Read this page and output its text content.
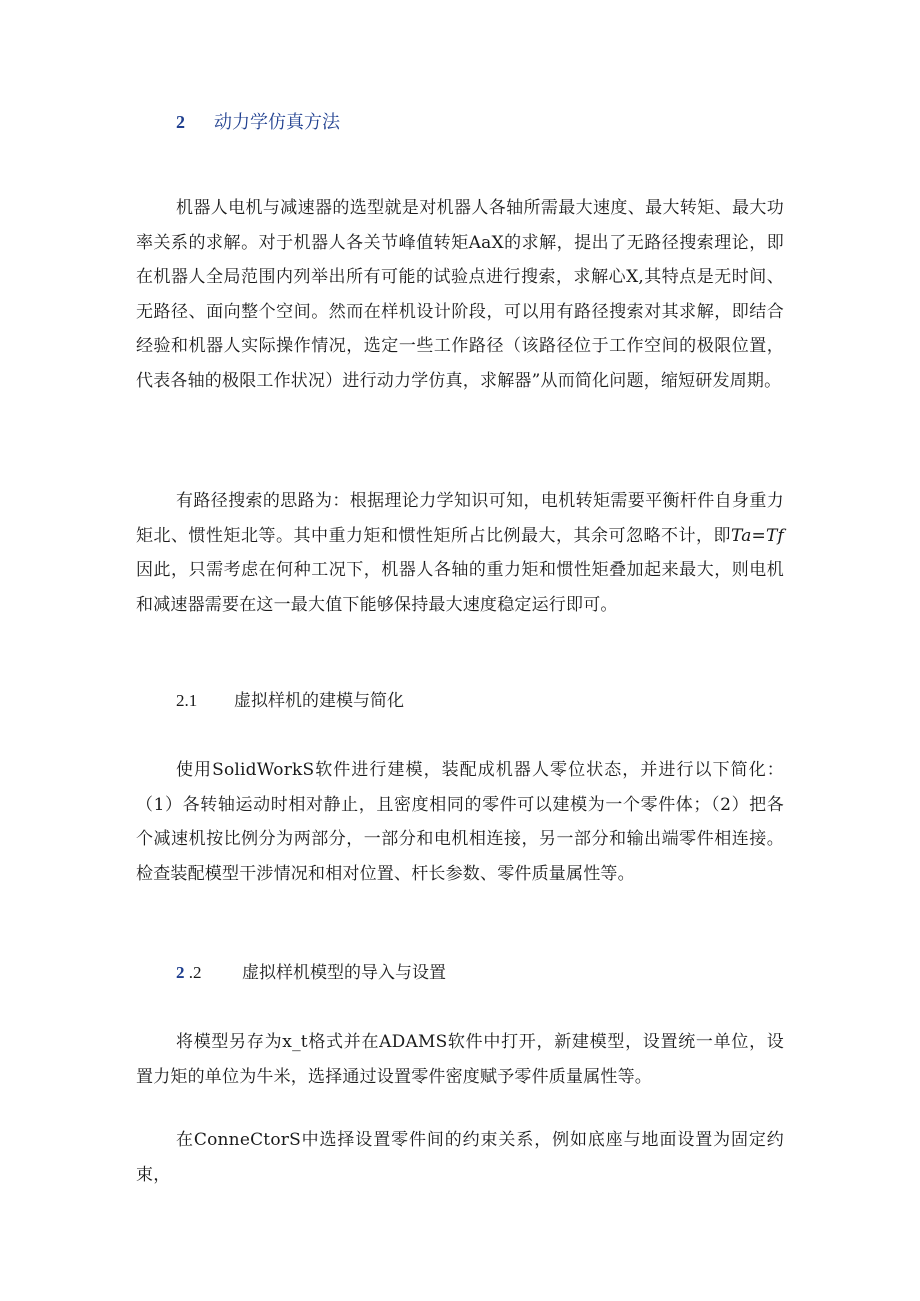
2	动力学仿真方法

机器人电机与减速器的选型就是对机器人各轴所需最大速度、最大转矩、最大功率关系的求解。对于机器人各关节峰值转矩AaX的求解，提出了无路径搜索理论，即在机器人全局范围内列举出所有可能的试验点进行搜索，求解心X,其特点是无时间、无路径、面向整个空间。然而在样机设计阶段，可以用有路径搜索对其求解，即结合经验和机器人实际操作情况，选定一些工作路径（该路径位于工作空间的极限位置，代表各轴的极限工作状况）进行动力学仿真，求解器”从而简化问题，缩短研发周期。

有路径搜索的思路为：根据理论力学知识可知，电机转矩需要平衡杆件自身重力矩北、惯性矩北等。其中重力矩和惯性矩所占比例最大，其余可忽略不计，即Ta=Tf因此，只需考虑在何种工况下，机器人各轴的重力矩和惯性矩叠加起来最大，则电机和减速器需要在这一最大值下能够保持最大速度稳定运行即可。

2.1	虚拟样机的建模与简化

使用SolidWorkS软件进行建模，装配成机器人零位状态，并进行以下简化：（1）各转轴运动时相对静止，且密度相同的零件可以建模为一个零件体；（2）把各个减速机按比例分为两部分，一部分和电机相连接，另一部分和输出端零件相连接。检查装配模型干涉情况和相对位置、杆长参数、零件质量属性等。

2 .2	虚拟样机模型的导入与设置

将模型另存为x_t格式并在ADAMS软件中打开，新建模型，设置统一单位，设置力矩的单位为牛米，选择通过设置零件密度赋予零件质量属性等。

在ConneCtorS中选择设置零件间的约束关系，例如底座与地面设置为固定约束，
